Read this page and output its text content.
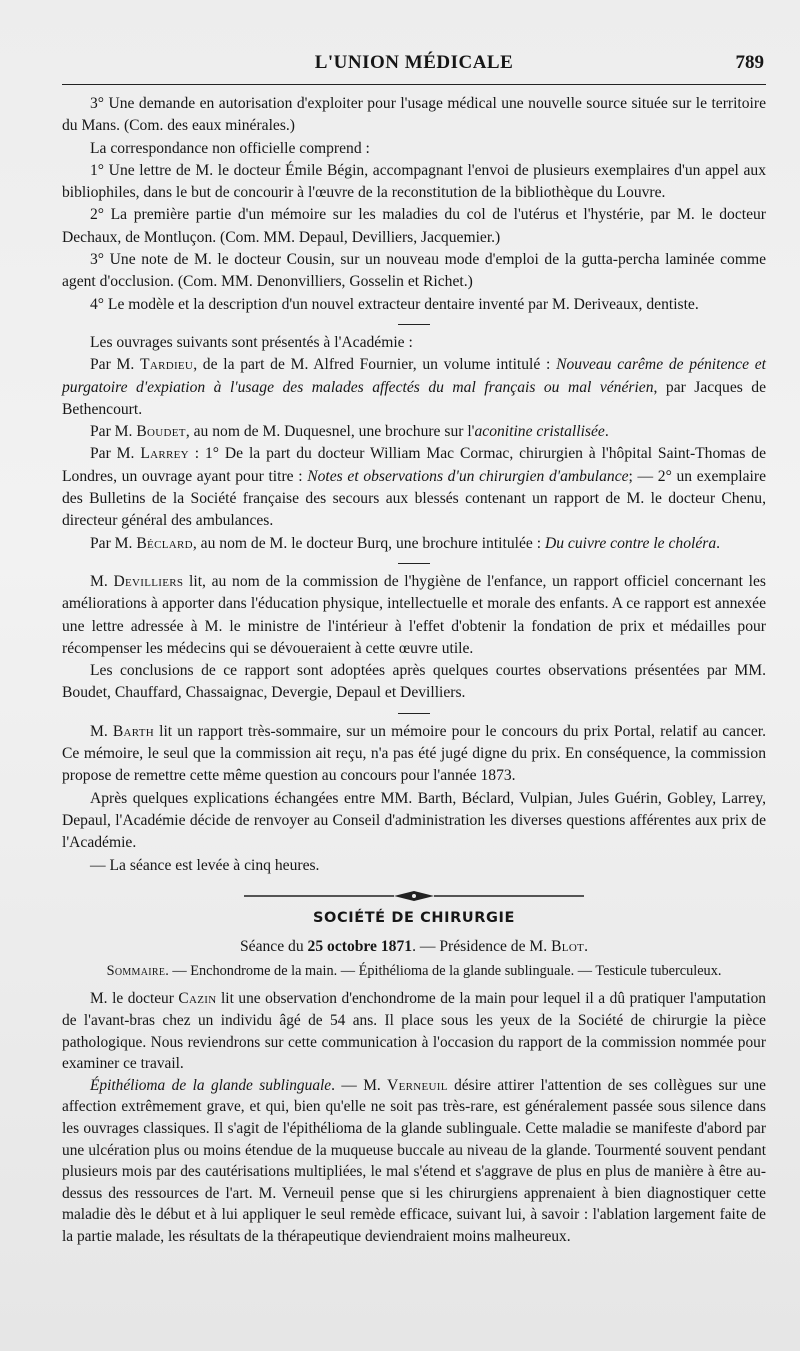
L'UNION MÉDICALE	789

3° Une demande en autorisation d'exploiter pour l'usage médical une nouvelle source située sur le territoire du Mans. (Com. des eaux minérales.)

La correspondance non officielle comprend :

1° Une lettre de M. le docteur Émile Bégin, accompagnant l'envoi de plusieurs exemplaires d'un appel aux bibliophiles, dans le but de concourir à l'œuvre de la reconstitution de la bibliothèque du Louvre.

2° La première partie d'un mémoire sur les maladies du col de l'utérus et l'hystérie, par M. le docteur Dechaux, de Montluçon. (Com. MM. Depaul, Devilliers, Jacquemier.)

3° Une note de M. le docteur Cousin, sur un nouveau mode d'emploi de la gutta-percha laminée comme agent d'occlusion. (Com. MM. Denonvilliers, Gosselin et Richet.)

4° Le modèle et la description d'un nouvel extracteur dentaire inventé par M. Deriveaux, dentiste.

Les ouvrages suivants sont présentés à l'Académie :

Par M. Tardieu, de la part de M. Alfred Fournier, un volume intitulé : Nouveau carême de pénitence et purgatoire d'expiation à l'usage des malades affectés du mal français ou mal vénérien, par Jacques de Bethencourt.

Par M. Boudet, au nom de M. Duquesnel, une brochure sur l'aconitine cristallisée.

Par M. Larrey : 1° De la part du docteur William Mac Cormac, chirurgien à l'hôpital Saint-Thomas de Londres, un ouvrage ayant pour titre : Notes et observations d'un chirurgien d'ambulance; — 2° un exemplaire des Bulletins de la Société française des secours aux blessés contenant un rapport de M. le docteur Chenu, directeur général des ambulances.

Par M. Béclard, au nom de M. le docteur Burq, une brochure intitulée : Du cuivre contre le choléra.

M. Devilliers lit, au nom de la commission de l'hygiène de l'enfance, un rapport officiel concernant les améliorations à apporter dans l'éducation physique, intellectuelle et morale des enfants. A ce rapport est annexée une lettre adressée à M. le ministre de l'intérieur à l'effet d'obtenir la fondation de prix et médailles pour récompenser les médecins qui se dévoueraient à cette œuvre utile.

Les conclusions de ce rapport sont adoptées après quelques courtes observations présentées par MM. Boudet, Chauffard, Chassaignac, Devergie, Depaul et Devilliers.

M. Barth lit un rapport très-sommaire, sur un mémoire pour le concours du prix Portal, relatif au cancer. Ce mémoire, le seul que la commission ait reçu, n'a pas été jugé digne du prix. En conséquence, la commission propose de remettre cette même question au concours pour l'année 1873.

Après quelques explications échangées entre MM. Barth, Béclard, Vulpian, Jules Guérin, Gobley, Larrey, Depaul, l'Académie décide de renvoyer au Conseil d'administration les diverses questions afférentes aux prix de l'Académie.

— La séance est levée à cinq heures.

SOCIÉTÉ DE CHIRURGIE
Séance du 25 octobre 1871. — Présidence de M. Blot.
Sommaire. — Enchondrome de la main. — Épithélioma de la glande sublinguale. — Testicule tuberculeux.

M. le docteur Cazin lit une observation d'enchondrome de la main pour lequel il a dû pratiquer l'amputation de l'avant-bras chez un individu âgé de 54 ans. Il place sous les yeux de la Société de chirurgie la pièce pathologique. Nous reviendrons sur cette communication à l'occasion du rapport de la commission nommée pour examiner ce travail.

Épithélioma de la glande sublinguale. — M. Verneuil désire attirer l'attention de ses collègues sur une affection extrêmement grave, et qui, bien qu'elle ne soit pas très-rare, est généralement passée sous silence dans les ouvrages classiques. Il s'agit de l'épithélioma de la glande sublinguale. Cette maladie se manifeste d'abord par une ulcération plus ou moins étendue de la muqueuse buccale au niveau de la glande. Tourmenté souvent pendant plusieurs mois par des cautérisations multipliées, le mal s'étend et s'aggrave de plus en plus de manière à être au-dessus des ressources de l'art. M. Verneuil pense que si les chirurgiens apprenaient à bien diagnostiquer cette maladie dès le début et à lui appliquer le seul remède efficace, suivant lui, à savoir : l'ablation largement faite de la partie malade, les résultats de la thérapeutique deviendraient moins malheureux.
